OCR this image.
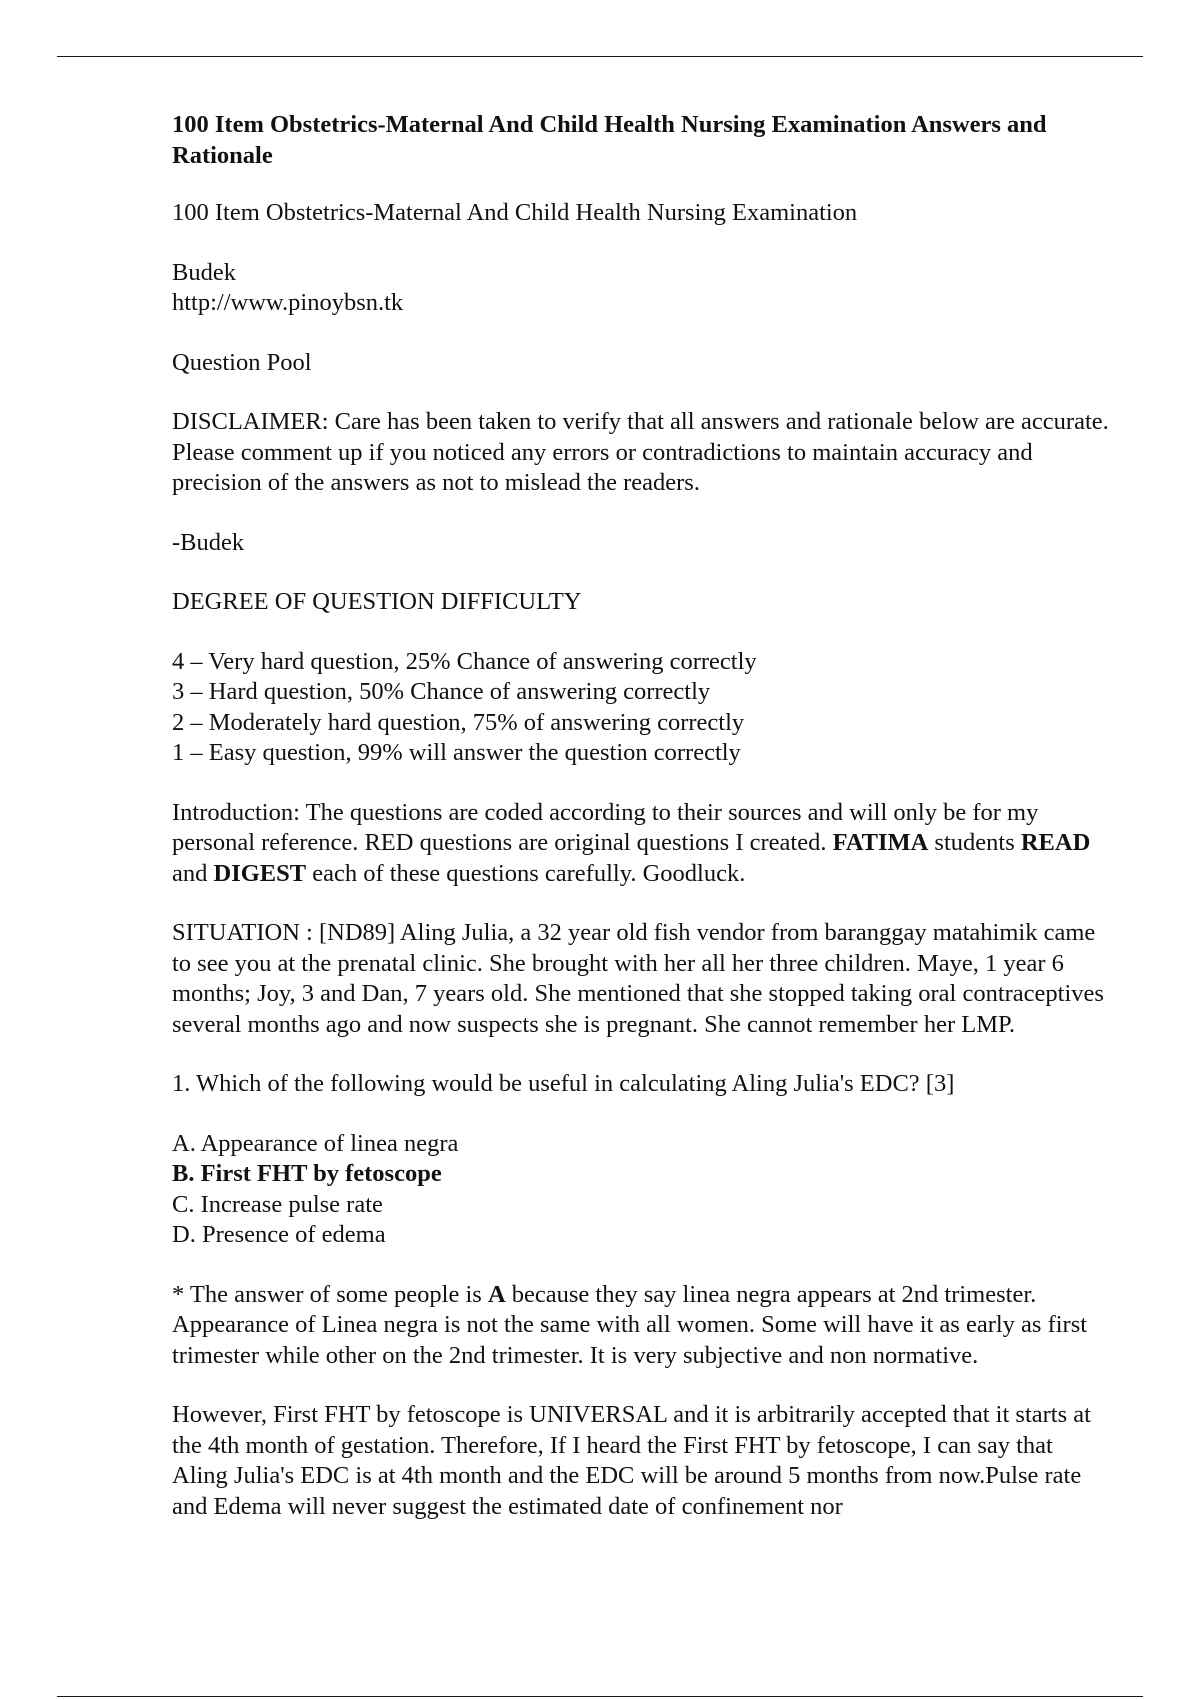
100 Item Obstetrics-Maternal And Child Health Nursing Examination Answers and Rationale

100 Item Obstetrics-Maternal And Child Health Nursing Examination

Budek
http://www.pinoybsn.tk

Question Pool

DISCLAIMER: Care has been taken to verify that all answers and rationale below are accurate. Please comment up if you noticed any errors or contradictions to maintain accuracy and precision of the answers as not to mislead the readers.

-Budek

DEGREE OF QUESTION DIFFICULTY

4 – Very hard question, 25% Chance of answering correctly
3 – Hard question, 50% Chance of answering correctly
2 – Moderately hard question, 75% of answering correctly
1 – Easy question, 99% will answer the question correctly

Introduction: The questions are coded according to their sources and will only be for my personal reference. RED questions are original questions I created. FATIMA students READ and DIGEST each of these questions carefully. Goodluck.

SITUATION : [ND89] Aling Julia, a 32 year old fish vendor from baranggay matahimik came to see you at the prenatal clinic. She brought with her all her three children. Maye, 1 year 6 months; Joy, 3 and Dan, 7 years old. She mentioned that she stopped taking oral contraceptives several months ago and now suspects she is pregnant. She cannot remember her LMP.

1. Which of the following would be useful in calculating Aling Julia's EDC? [3]

A. Appearance of linea negra
B. First FHT by fetoscope
C. Increase pulse rate
D. Presence of edema

* The answer of some people is A because they say linea negra appears at 2nd trimester. Appearance of Linea negra is not the same with all women. Some will have it as early as first trimester while other on the 2nd trimester. It is very subjective and non normative.

However, First FHT by fetoscope is UNIVERSAL and it is arbitrarily accepted that it starts at the 4th month of gestation. Therefore, If I heard the First FHT by fetoscope, I can say that Aling Julia's EDC is at 4th month and the EDC will be around 5 months from now.Pulse rate and Edema will never suggest the estimated date of confinement nor
